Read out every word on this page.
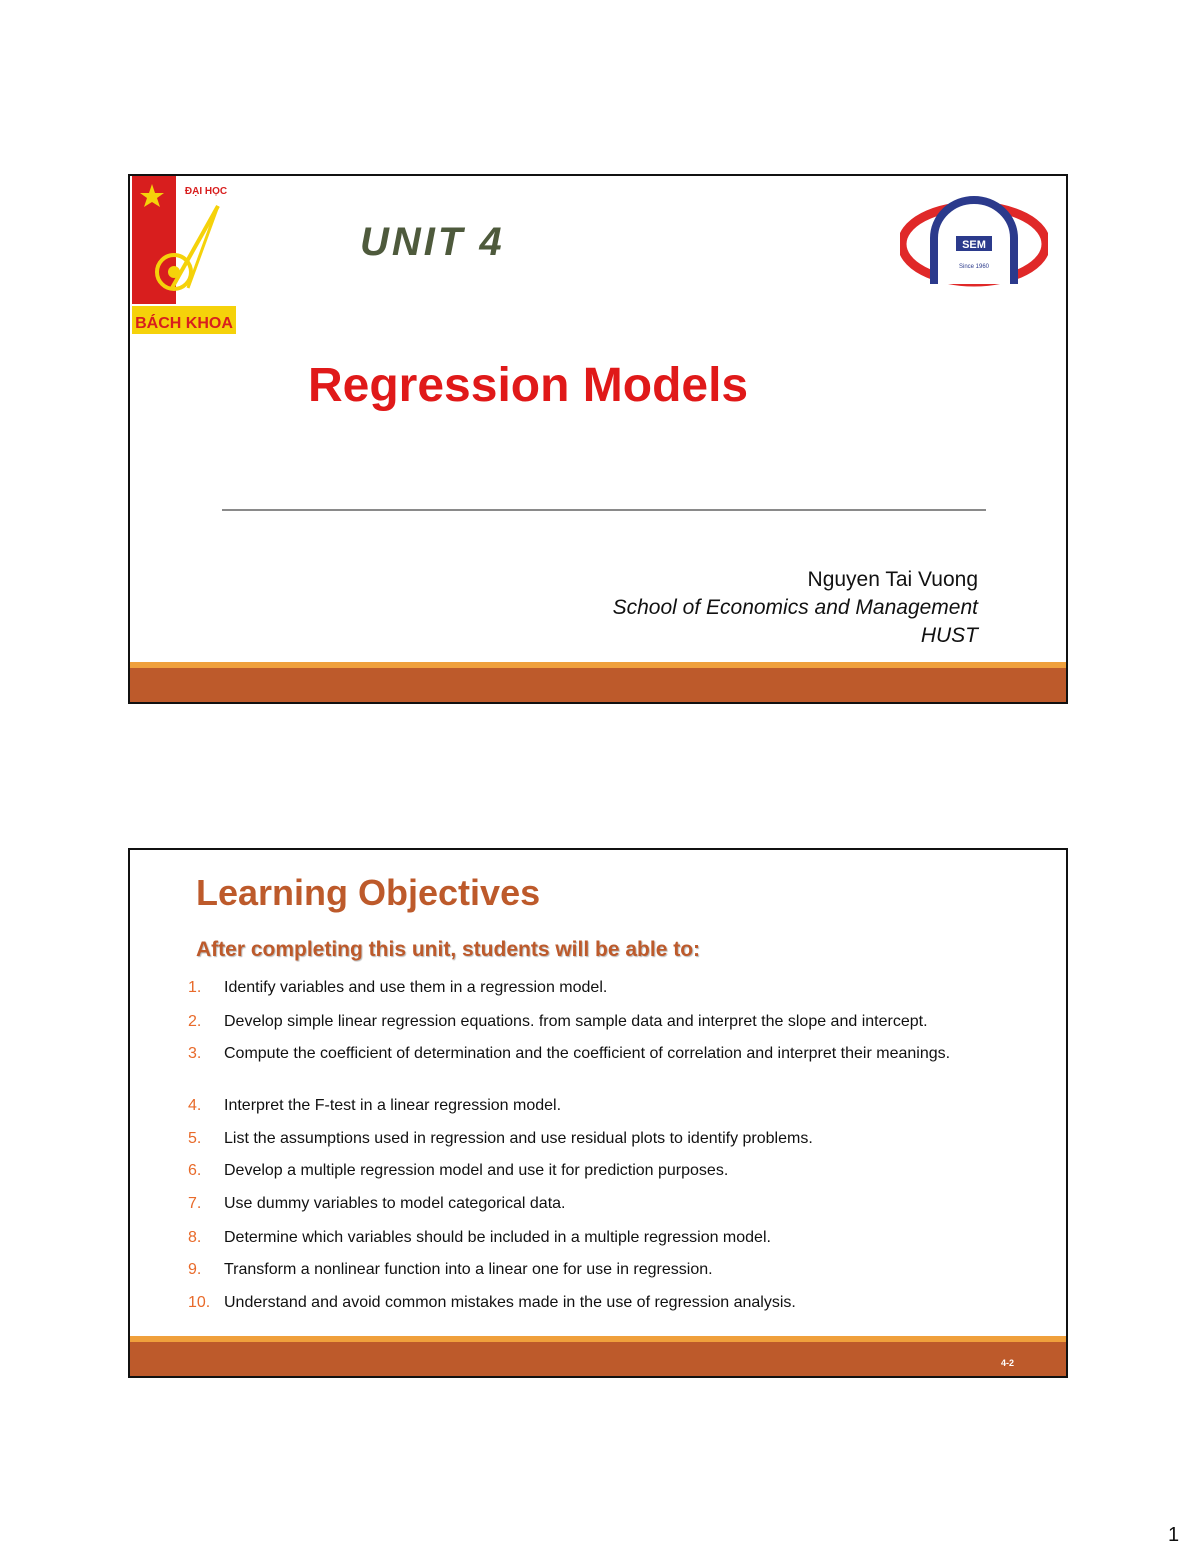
ĐẠI HỌC
BÁCH KHOA
UNIT 4	SEM
Since 1960
Regression Models
Nguyen Tai Vuong
School of Economics and Management
HUST
Learning Objectives
After completing this unit, students will be able to:
1. Identify variables and use them in a regression model.
2. Develop simple linear regression equations. from sample data and interpret the slope and intercept.
3. Compute the coefficient of determination and the coefficient of correlation and interpret their meanings.
4. Interpret the F-test in a linear regression model.
5. List the assumptions used in regression and use residual plots to identify problems.
6. Develop a multiple regression model and use it for prediction purposes.
7. Use dummy variables to model categorical data.
8. Determine which variables should be included in a multiple regression model.
9. Transform a nonlinear function into a linear one for use in regression.
10. Understand and avoid common mistakes made in the use of regression analysis.
4-2
1
